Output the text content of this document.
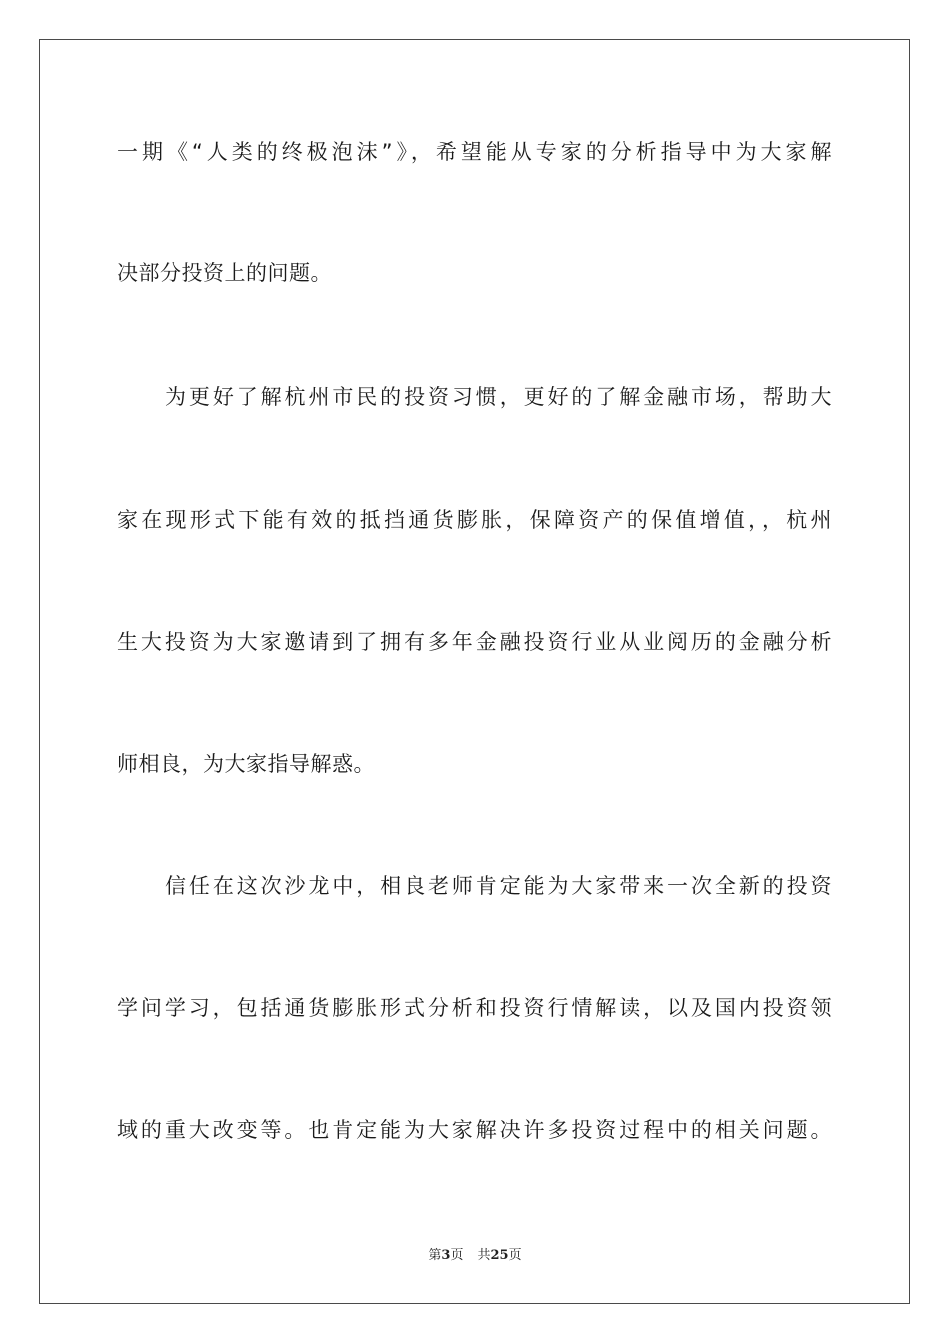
一期《“人类的终极泡沫”》，希望能从专家的分析指导中为大家解
决部分投资上的问题。
为更好了解杭州市民的投资习惯，更好的了解金融市场，帮助大
家在现形式下能有效的抵挡通货膨胀，保障资产的保值增值，，杭州
生大投资为大家邀请到了拥有多年金融投资行业从业阅历的金融分析
师相良，为大家指导解惑。
信任在这次沙龙中，相良老师肯定能为大家带来一次全新的投资
学问学习，包括通货膨胀形式分析和投资行情解读，以及国内投资领
域的重大改变等。也肯定能为大家解决许多投资过程中的相关问题。
第3页 共25页
